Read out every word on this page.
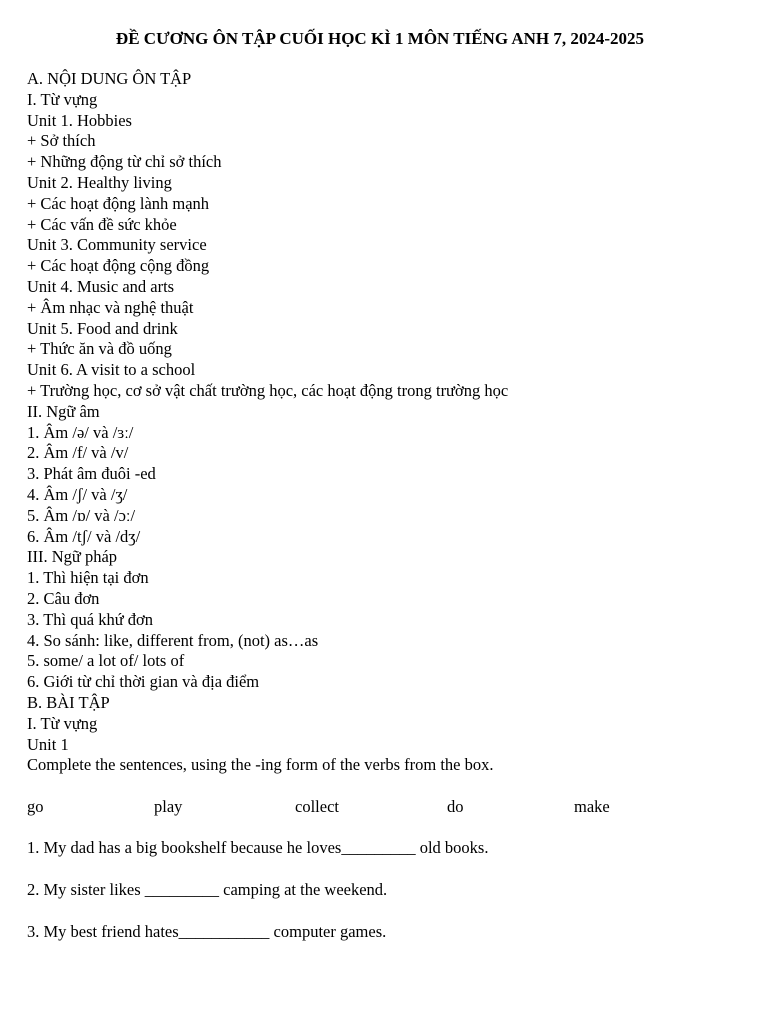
ĐỀ CƯƠNG ÔN TẬP CUỐI HỌC KÌ 1 MÔN TIẾNG ANH 7, 2024-2025
A. NỘI DUNG ÔN TẬP
I. Từ vựng
Unit 1. Hobbies
+ Sở thích
+ Những động từ chỉ sở thích
Unit 2. Healthy living
+ Các hoạt động lành mạnh
+ Các vấn đề sức khỏe
Unit 3. Community service
+ Các hoạt động cộng đồng
Unit 4. Music and arts
+ Âm nhạc và nghệ thuật
Unit 5. Food and drink
+ Thức ăn và đồ uống
Unit 6. A visit to a school
+ Trường học, cơ sở vật chất trường học, các hoạt động trong trường học
II. Ngữ âm
1. Âm /ə/ và /ɜː/
2. Âm /f/ và /v/
3. Phát âm đuôi -ed
4. Âm /ʃ/ và /ʒ/
5. Âm /ɒ/ và /ɔː/
6. Âm /tʃ/ và /dʒ/
III. Ngữ pháp
1. Thì hiện tại đơn
2. Câu đơn
3. Thì quá khứ đơn
4. So sánh: like, different from, (not) as…as
5. some/ a lot of/ lots of
6. Giới từ chỉ thời gian và địa điểm
B. BÀI TẬP
I. Từ vựng
Unit 1
Complete the sentences, using the -ing form of the verbs from the box.
go	play	collect	do	make
1. My dad has a big bookshelf because he loves_________ old books.
2. My sister likes _________ camping at the weekend.
3. My best friend hates___________ computer games.
